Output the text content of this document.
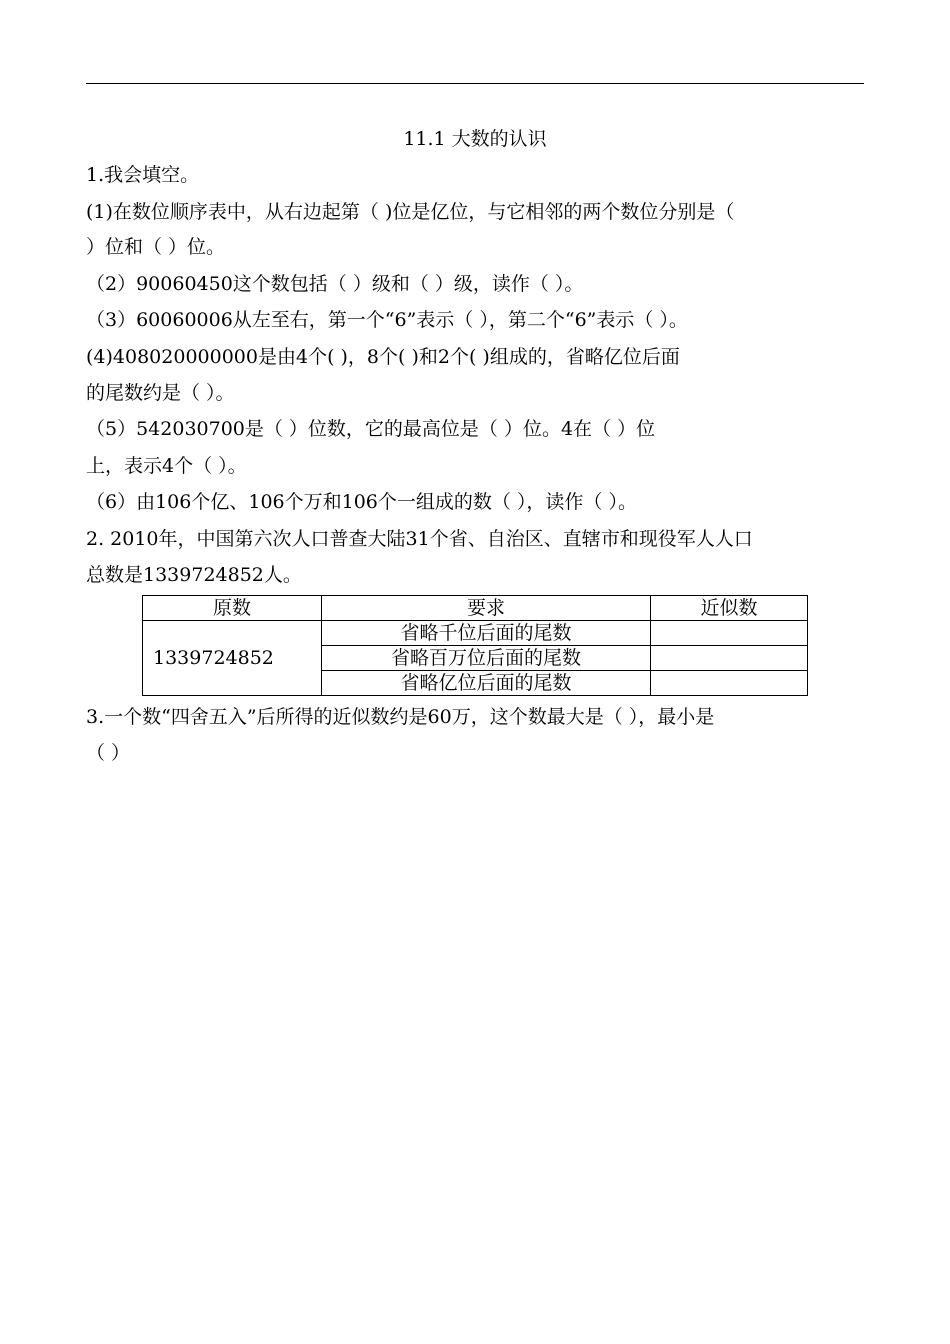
11.1 大数的认识
1.我会填空。
(1)在数位顺序表中，从右边起第（ )位是亿位，与它相邻的两个数位分别是（
）位和（ ）位。
（2）90060450这个数包括（ ）级和（ ）级，读作（ ）。
（3）60060006从左至右，第一个“6”表示（ ），第二个“6”表示（ ）。
(4)408020000000是由4个( )，8个( )和2个( )组成的，省略亿位后面
的尾数约是（ ）。
（5）542030700是（ ）位数，它的最高位是（ ）位。4在（ ）位
上，表示4个（ ）。
（6）由106个亿、106个万和106个一组成的数（ ），读作（ ）。
2. 2010年，中国第六次人口普查大陆31个省、自治区、直辖市和现役军人人口
总数是1339724852人。
原数	要求	近似数
1339724852	省略千位后面的尾数	
	省略百万位后面的尾数	
	省略亿位后面的尾数	
3.一个数“四舍五入”后所得的近似数约是60万，这个数最大是（ ），最小是
（ ）
